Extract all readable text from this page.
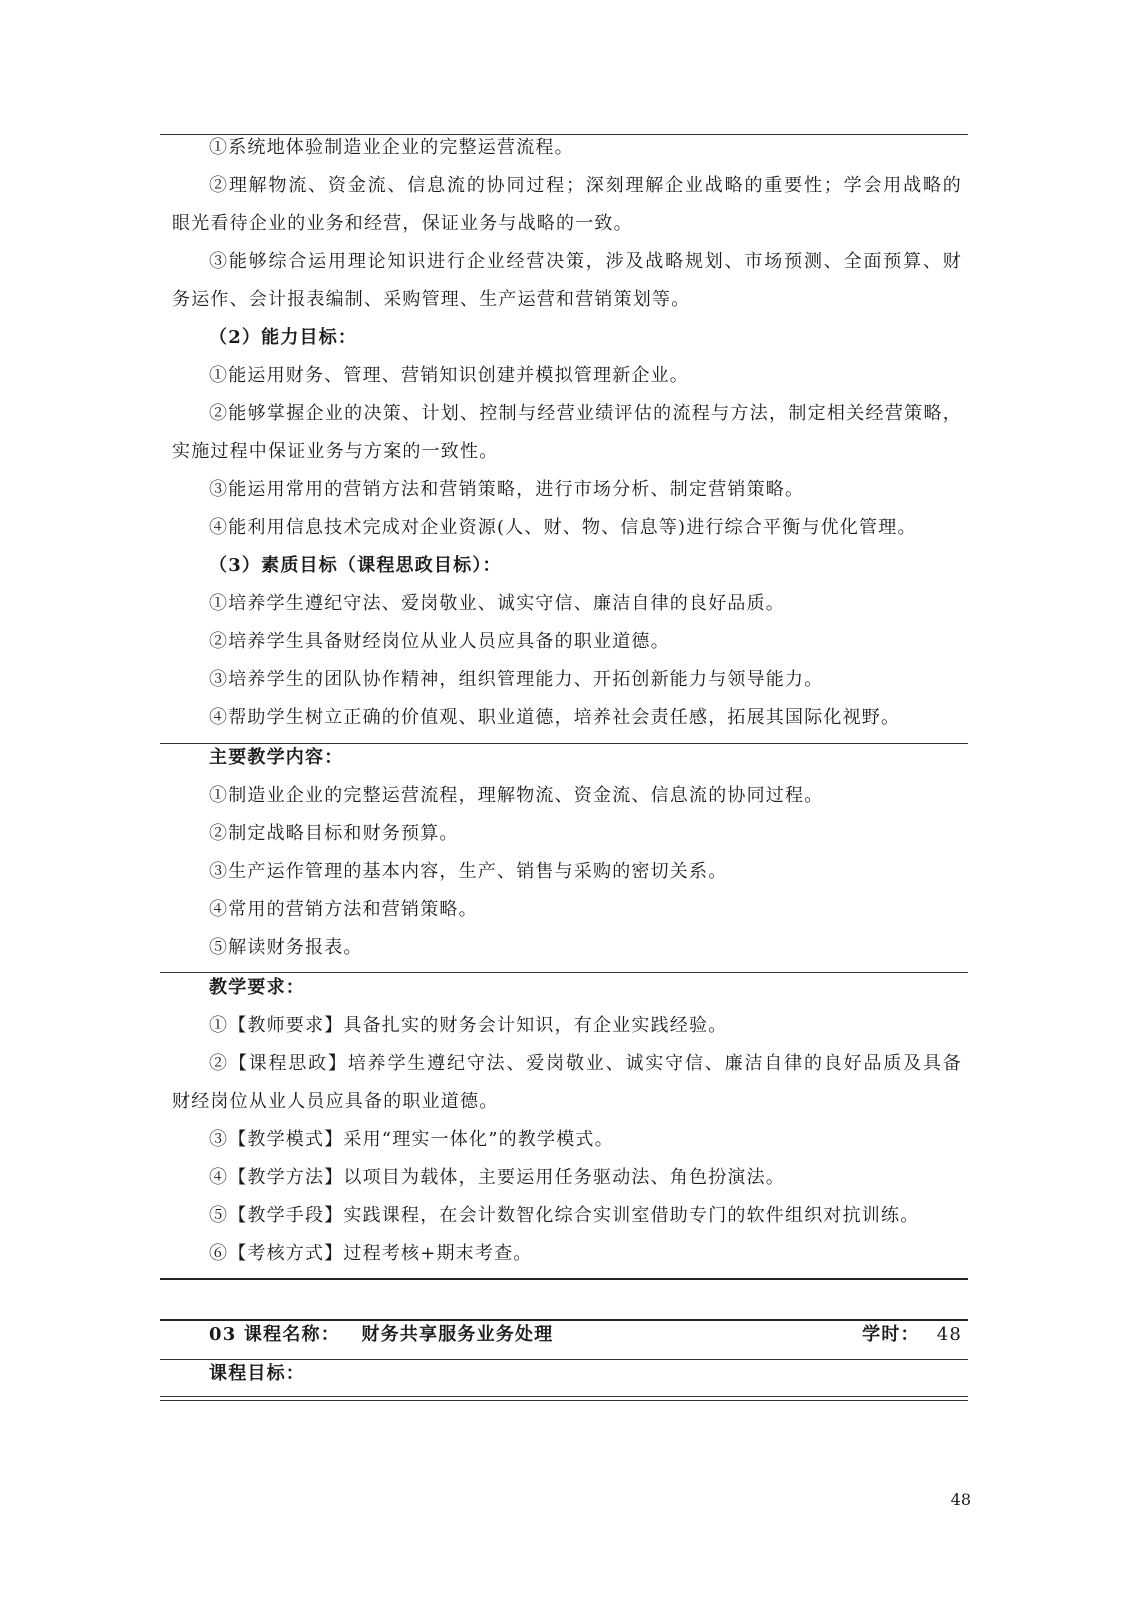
①系统地体验制造业企业的完整运营流程。
②理解物流、资金流、信息流的协同过程；深刻理解企业战略的重要性；学会用战略的
眼光看待企业的业务和经营，保证业务与战略的一致。
③能够综合运用理论知识进行企业经营决策，涉及战略规划、市场预测、全面预算、财
务运作、会计报表编制、采购管理、生产运营和营销策划等。
（2）能力目标：
①能运用财务、管理、营销知识创建并模拟管理新企业。
②能够掌握企业的决策、计划、控制与经营业绩评估的流程与方法，制定相关经营策略，
实施过程中保证业务与方案的一致性。
③能运用常用的营销方法和营销策略，进行市场分析、制定营销策略。
④能利用信息技术完成对企业资源(人、财、物、信息等)进行综合平衡与优化管理。
（3）素质目标（课程思政目标）：
①培养学生遵纪守法、爱岗敬业、诚实守信、廉洁自律的良好品质。
②培养学生具备财经岗位从业人员应具备的职业道德。
③培养学生的团队协作精神，组织管理能力、开拓创新能力与领导能力。
④帮助学生树立正确的价值观、职业道德，培养社会责任感，拓展其国际化视野。
主要教学内容：
①制造业企业的完整运营流程，理解物流、资金流、信息流的协同过程。
②制定战略目标和财务预算。
③生产运作管理的基本内容，生产、销售与采购的密切关系。
④常用的营销方法和营销策略。
⑤解读财务报表。
教学要求：
①【教师要求】具备扎实的财务会计知识，有企业实践经验。
②【课程思政】培养学生遵纪守法、爱岗敬业、诚实守信、廉洁自律的良好品质及具备
财经岗位从业人员应具备的职业道德。
③【教学模式】采用“理实一体化”的教学模式。
④【教学方法】以项目为载体，主要运用任务驱动法、角色扮演法。
⑤【教学手段】实践课程，在会计数智化综合实训室借助专门的软件组织对抗训练。
⑥【考核方式】过程考核+期末考查。
03 课程名称： 财务共享服务业务处理	学时： 48
课程目标：
48
